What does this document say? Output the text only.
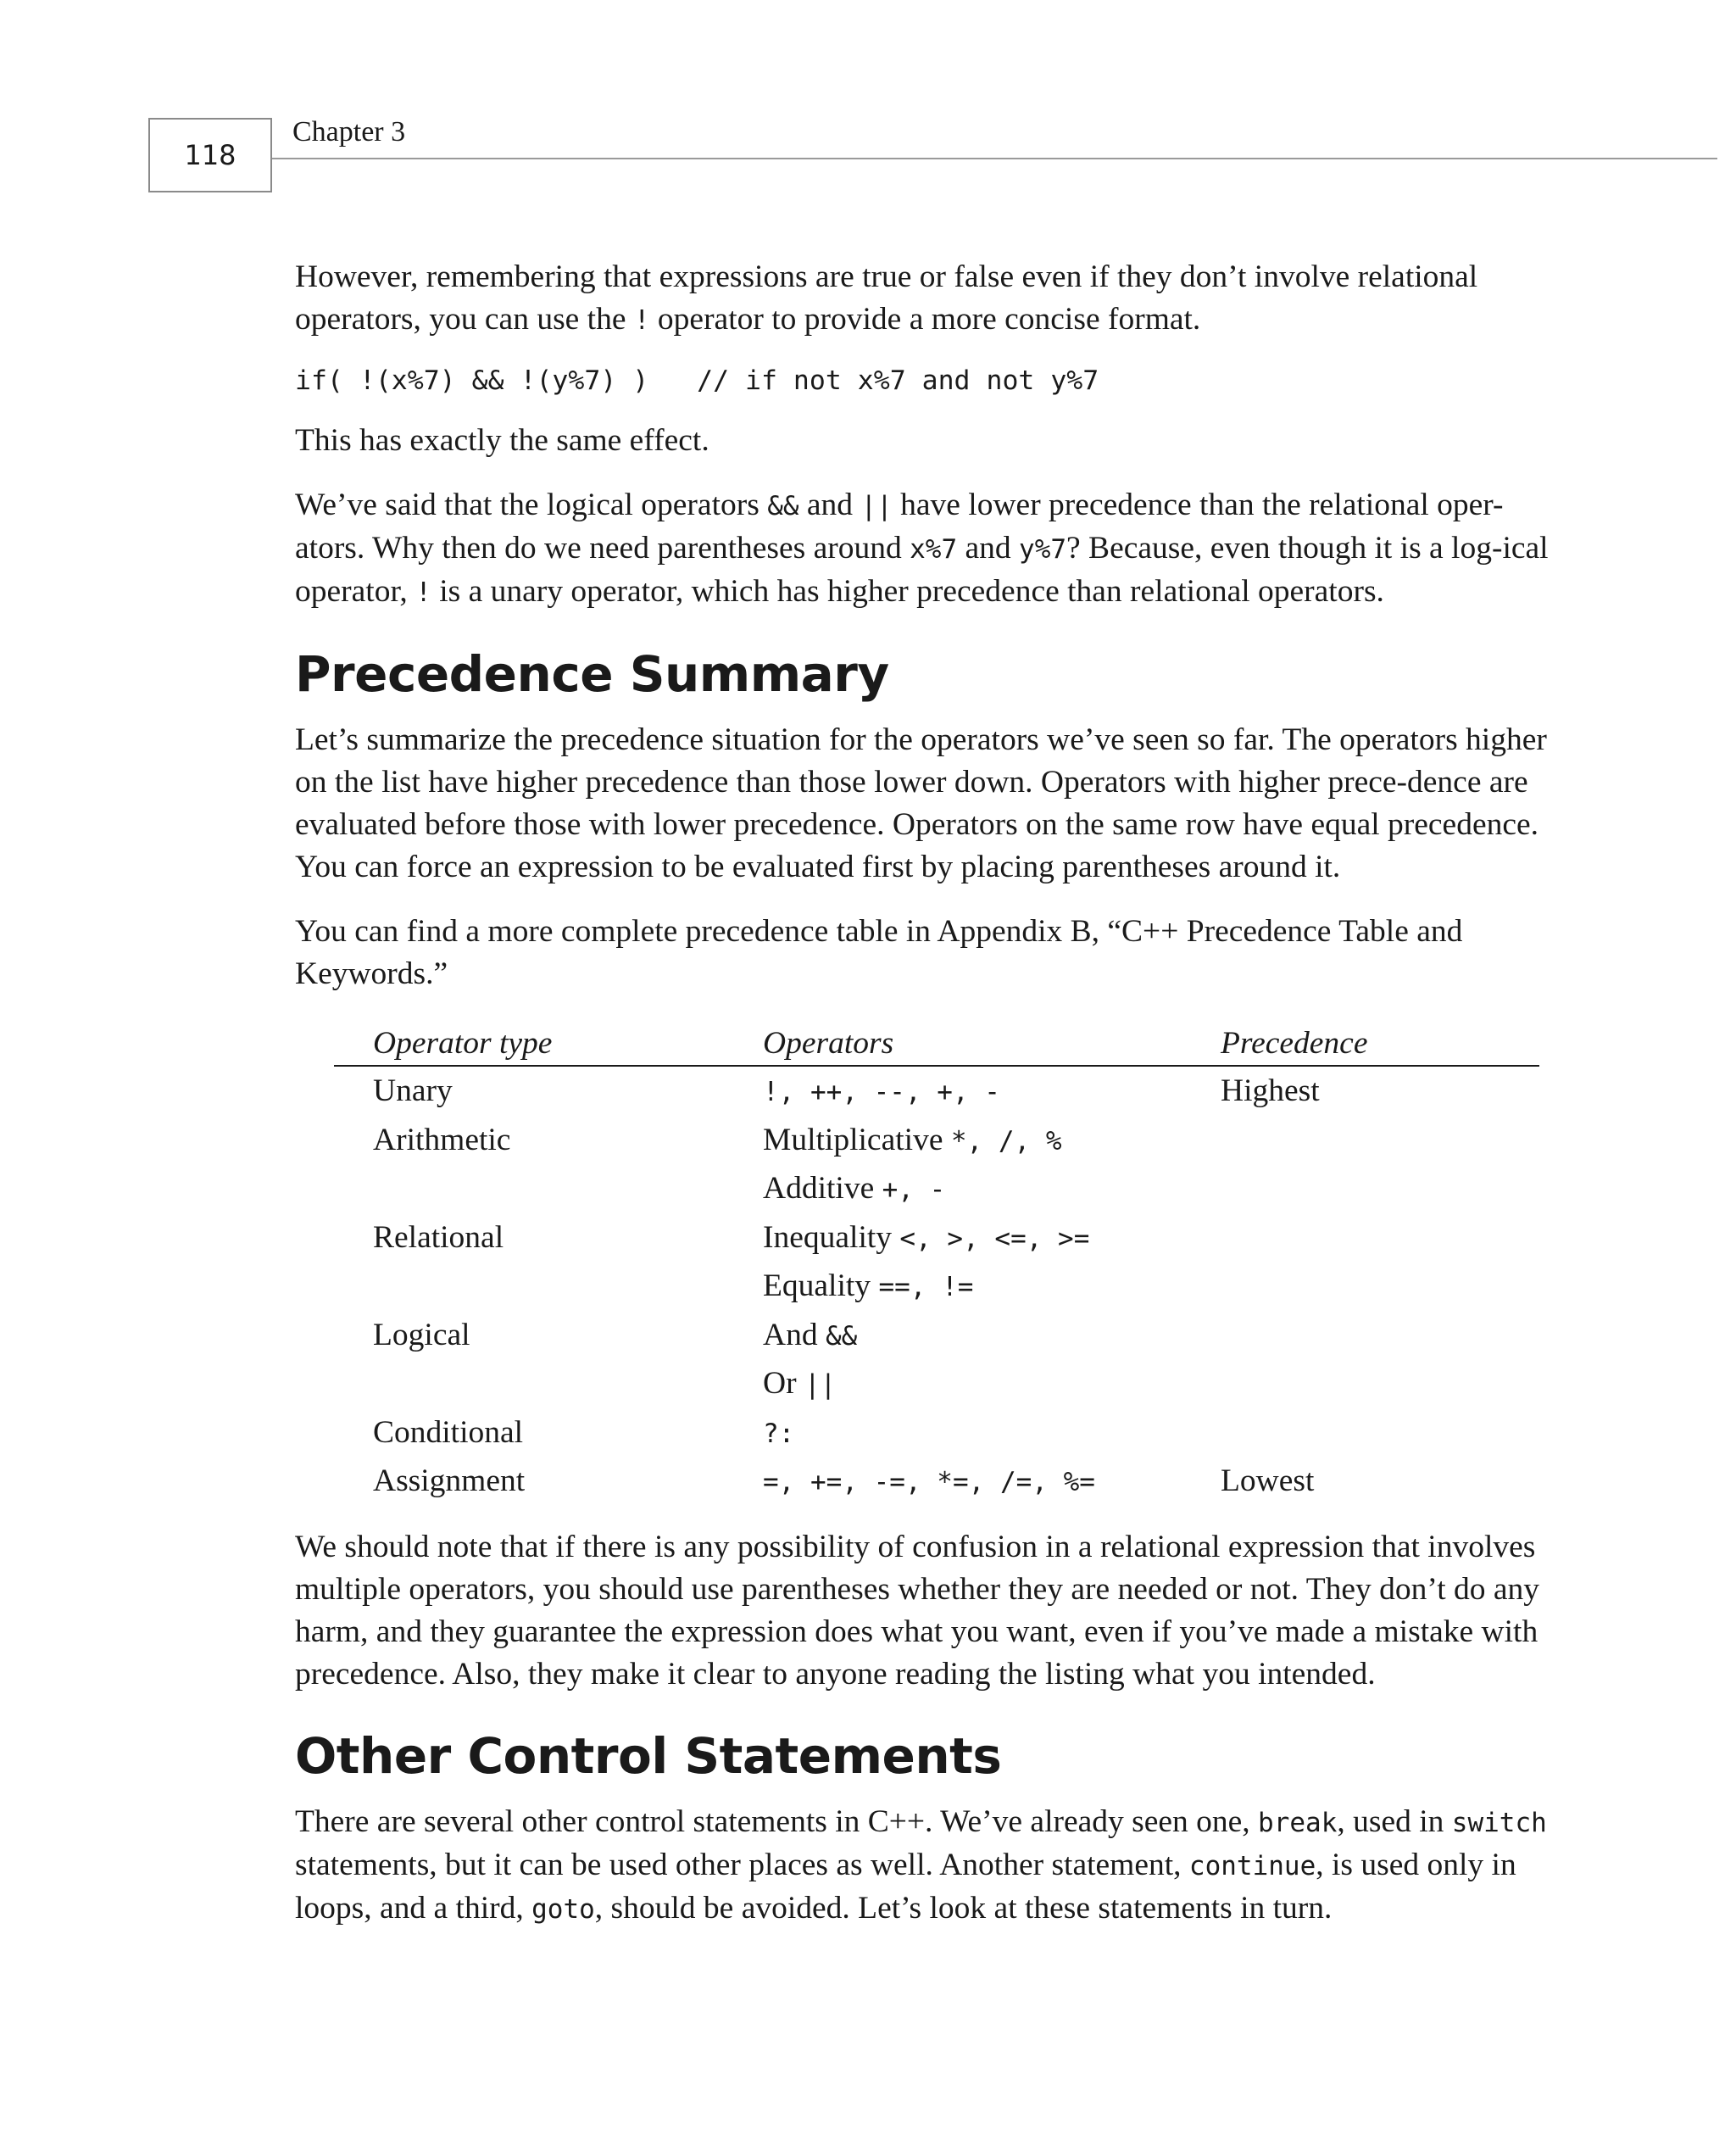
118
Chapter 3

However, remembering that expressions are true or false even if they don’t involve relational operators, you can use the ! operator to provide a more concise format.

if( !(x%7) && !(y%7) )   // if not x%7 and not y%7

This has exactly the same effect.

We’ve said that the logical operators && and || have lower precedence than the relational oper-ators. Why then do we need parentheses around x%7 and y%7? Because, even though it is a log-ical operator, ! is a unary operator, which has higher precedence than relational operators.

Precedence Summary

Let’s summarize the precedence situation for the operators we’ve seen so far. The operators higher on the list have higher precedence than those lower down. Operators with higher prece-dence are evaluated before those with lower precedence. Operators on the same row have equal precedence. You can force an expression to be evaluated first by placing parentheses around it.

You can find a more complete precedence table in Appendix B, “C++ Precedence Table and Keywords.”

Operator type	Operators	Precedence
Unary	!, ++, --, +, -	Highest
Arithmetic	Multiplicative *, /, %	
	Additive +, -	
Relational	Inequality <, >, <=, >=	
	Equality ==, !=	
Logical	And &&	
	Or ||	
Conditional	?:	
Assignment	=, +=, -=, *=, /=, %=	Lowest

We should note that if there is any possibility of confusion in a relational expression that involves multiple operators, you should use parentheses whether they are needed or not. They don’t do any harm, and they guarantee the expression does what you want, even if you’ve made a mistake with precedence. Also, they make it clear to anyone reading the listing what you intended.

Other Control Statements

There are several other control statements in C++. We’ve already seen one, break, used in switch statements, but it can be used other places as well. Another statement, continue, is used only in loops, and a third, goto, should be avoided. Let’s look at these statements in turn.
